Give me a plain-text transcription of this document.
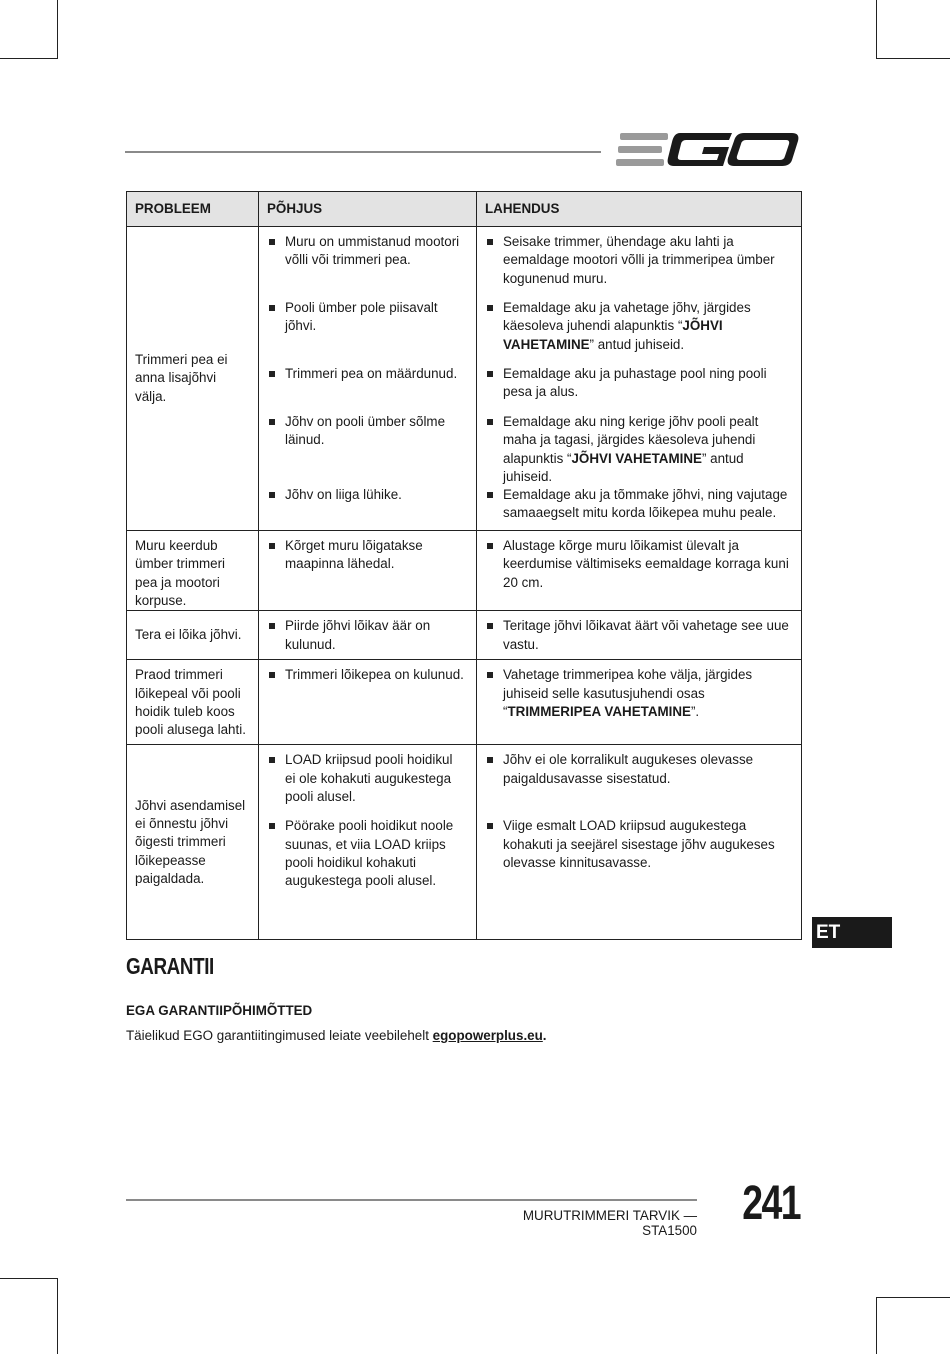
PROBLEEM	PÕHJUS	LAHENDUS

Trimmeri pea ei anna lisajõhvi välja.	Muru on ummistanud mootori võlli või trimmeri pea.	Seisake trimmer, ühendage aku lahti ja eemaldage mootori võlli ja trimmeripea ümber kogunenud muru.

	Pooli ümber pole piisavalt jõhvi.	Eemaldage aku ja vahetage jõhv, järgides käesoleva juhendi alapunktis “JÕHVI VAHETAMINE” antud juhiseid.

	Trimmeri pea on määrdunud.	Eemaldage aku ja puhastage pool ning pooli pesa ja alus.

	Jõhv on pooli ümber sõlme läinud.	Eemaldage aku ning kerige jõhv pooli pealt maha ja tagasi, järgides käesoleva juhendi alapunktis “JÕHVI VAHETAMINE” antud juhiseid.

	Jõhv on liiga lühike.	Eemaldage aku ja tõmmake jõhvi, ning vajutage samaaegselt mitu korda lõikepea muhu peale.

Muru keerdub ümber trimmeri pea ja mootori korpuse.	Kõrget muru lõigatakse maapinna lähedal.	Alustage kõrge muru lõikamist ülevalt ja keerdumise vältimiseks eemaldage korraga kuni 20 cm.

Tera ei lõika jõhvi.	Piirde jõhvi lõikav äär on kulunud.	Teritage jõhvi lõikavat äärt või vahetage see uue vastu.

Praod trimmeri lõikepeal või pooli hoidik tuleb koos pooli alusega lahti.	Trimmeri lõikepea on kulunud.	Vahetage trimmeripea kohe välja, järgides juhiseid selle kasutusjuhendi osas “TRIMMERIPEA VAHETAMINE”.

Jõhvi asendamisel ei õnnestu jõhvi õigesti trimmeri lõikepeasse paigaldada.	LOAD kriipsud pooli hoidikul ei ole kohakuti augukestega pooli alusel.	Jõhv ei ole korralikult augukeses olevasse paigaldusavasse sisestatud.

	Pöörake pooli hoidikut noole suunas, et viia LOAD kriips pooli hoidikul kohakuti augukestega pooli alusel.	Viige esmalt LOAD kriipsud augukestega kohakuti ja seejärel sisestage jõhv augukeses olevasse kinnitusavasse.
ET
GARANTII
EGA GARANTIIPÕHIMÕTTED
Täielikud EGO garantiitingimused leiate veebilehelt egopowerplus.eu.
MURUTRIMMERI TARVIK — STA1500
241
